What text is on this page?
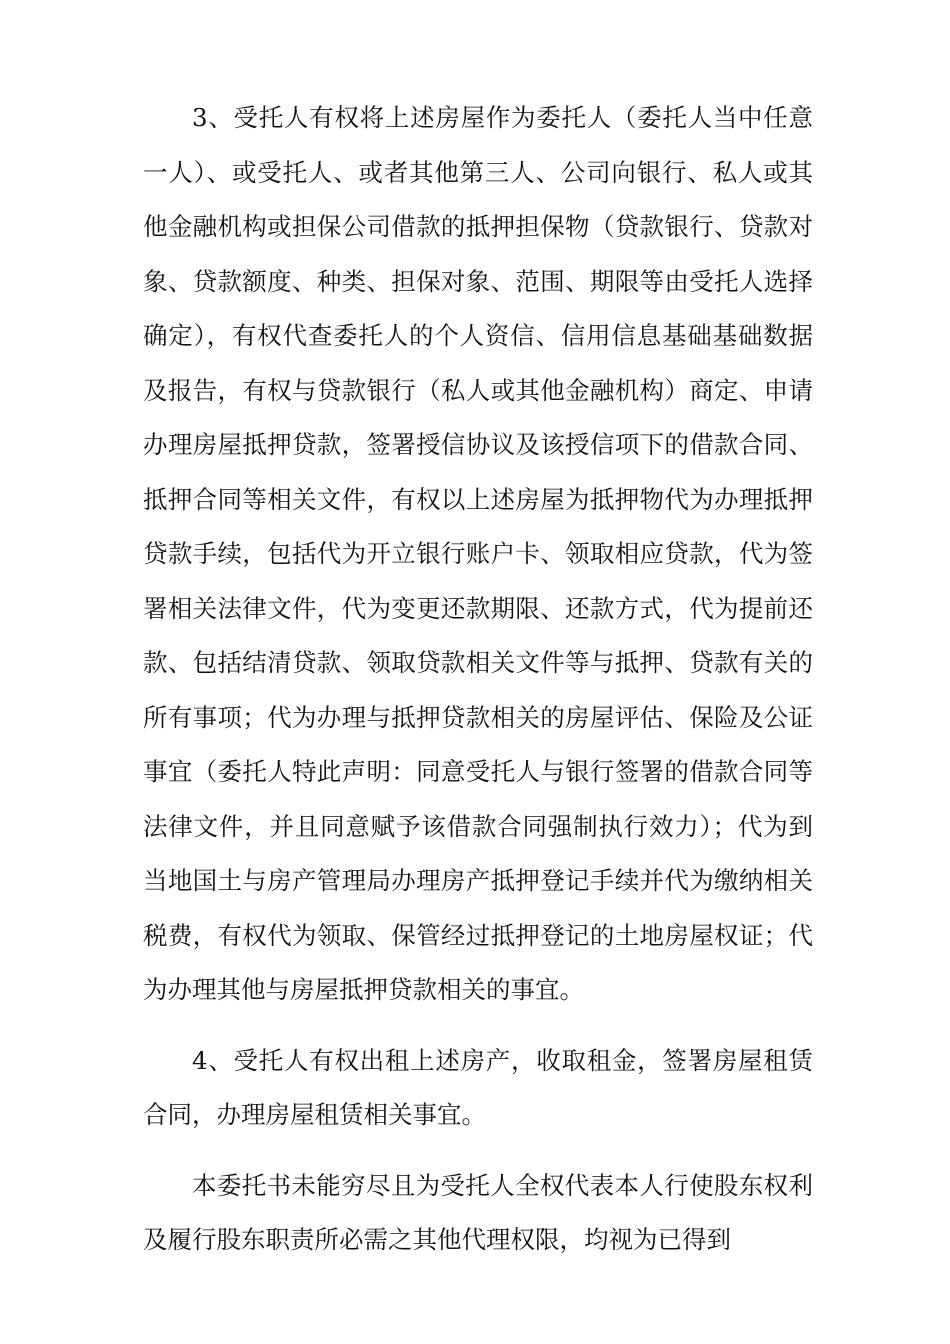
3、受托人有权将上述房屋作为委托人（委托人当中任意一人）、或受托人、或者其他第三人、公司向银行、私人或其他金融机构或担保公司借款的抵押担保物（贷款银行、贷款对象、贷款额度、种类、担保对象、范围、期限等由受托人选择确定），有权代查委托人的个人资信、信用信息基础基础数据及报告，有权与贷款银行（私人或其他金融机构）商定、申请办理房屋抵押贷款，签署授信协议及该授信项下的借款合同、抵押合同等相关文件，有权以上述房屋为抵押物代为办理抵押贷款手续，包括代为开立银行账户卡、领取相应贷款，代为签署相关法律文件，代为变更还款期限、还款方式，代为提前还款、包括结清贷款、领取贷款相关文件等与抵押、贷款有关的所有事项；代为办理与抵押贷款相关的房屋评估、保险及公证事宜（委托人特此声明：同意受托人与银行签署的借款合同等法律文件，并且同意赋予该借款合同强制执行效力）；代为到当地国土与房产管理局办理房产抵押登记手续并代为缴纳相关税费，有权代为领取、保管经过抵押登记的土地房屋权证；代为办理其他与房屋抵押贷款相关的事宜。

4、受托人有权出租上述房产，收取租金，签署房屋租赁合同，办理房屋租赁相关事宜。

本委托书未能穷尽且为受托人全权代表本人行使股东权利及履行股东职责所必需之其他代理权限，均视为已得到
